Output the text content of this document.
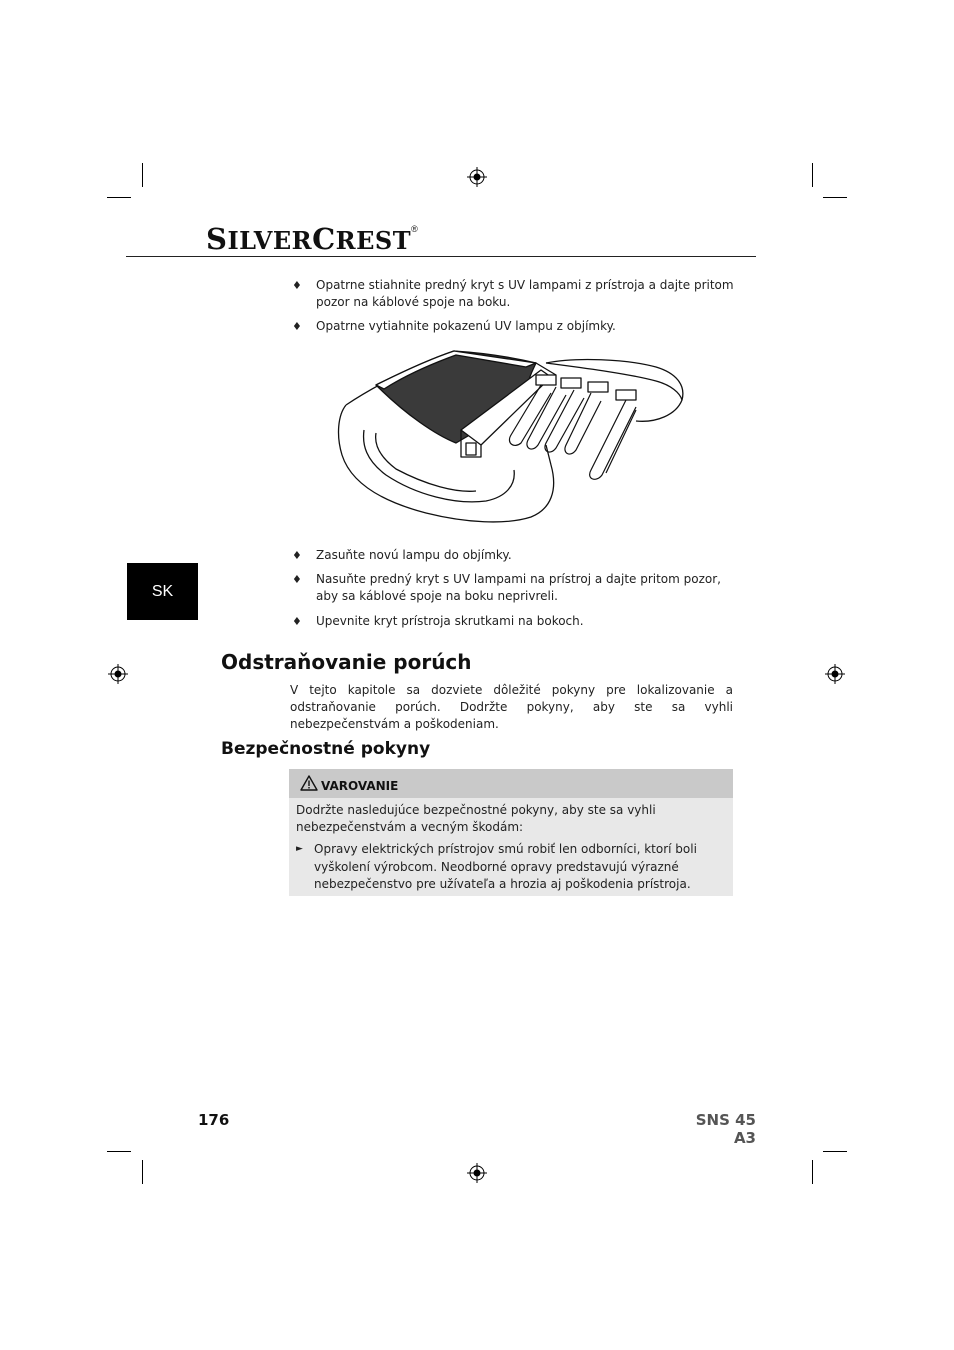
SILVERCREST®
♦ Opatrne stiahnite predný kryt s UV lampami z prístroja a dajte pritom pozor na káblové spoje na boku.
♦ Opatrne vytiahnite pokazenú UV lampu z objímky.
♦ Zasuňte novú lampu do objímky.
♦ Nasuňte predný kryt s UV lampami na prístroj a dajte pritom pozor, aby sa káblové spoje na boku neprivreli.
♦ Upevnite kryt prístroja skrutkami na bokoch.
SK
Odstraňovanie porúch
V tejto kapitole sa dozviete dôležité pokyny pre lokalizovanie a odstraňovanie porúch. Dodržte pokyny, aby ste sa vyhli nebezpečenstvám a poškodeniam.
Bezpečnostné pokyny
VAROVANIE
Dodržte nasledujúce bezpečnostné pokyny, aby ste sa vyhli nebezpečenstvám a vecným škodám:
► Opravy elektrických prístrojov smú robiť len odborníci, ktorí boli vyškolení výrobcom. Neodborné opravy predstavujú výrazné nebezpečenstvo pre užívateľa a hrozia aj poškodenia prístroja.
176	SNS 45 A3
